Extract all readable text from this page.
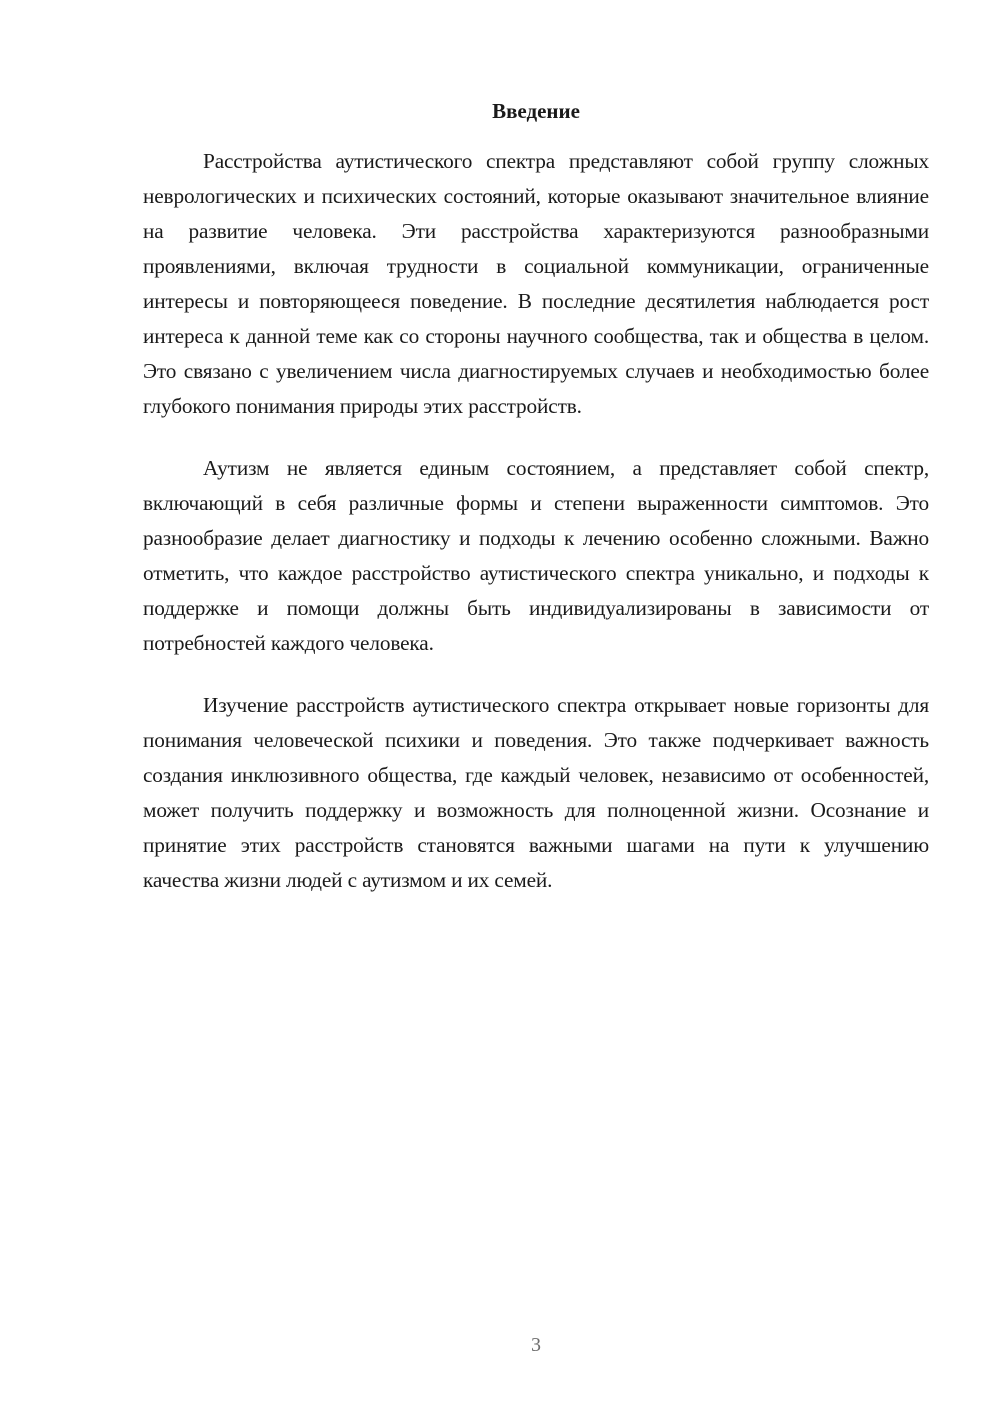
Введение

Расстройства аутистического спектра представляют собой группу сложных неврологических и психических состояний, которые оказывают значительное влияние на развитие человека. Эти расстройства характеризуются разнообразными проявлениями, включая трудности в социальной коммуникации, ограниченные интересы и повторяющееся поведение. В последние десятилетия наблюдается рост интереса к данной теме как со стороны научного сообщества, так и общества в целом. Это связано с увеличением числа диагностируемых случаев и необходимостью более глубокого понимания природы этих расстройств.

Аутизм не является единым состоянием, а представляет собой спектр, включающий в себя различные формы и степени выраженности симптомов. Это разнообразие делает диагностику и подходы к лечению особенно сложными. Важно отметить, что каждое расстройство аутистического спектра уникально, и подходы к поддержке и помощи должны быть индивидуализированы в зависимости от потребностей каждого человека.

Изучение расстройств аутистического спектра открывает новые горизонты для понимания человеческой психики и поведения. Это также подчеркивает важность создания инклюзивного общества, где каждый человек, независимо от особенностей, может получить поддержку и возможность для полноценной жизни. Осознание и принятие этих расстройств становятся важными шагами на пути к улучшению качества жизни людей с аутизмом и их семей.

3
